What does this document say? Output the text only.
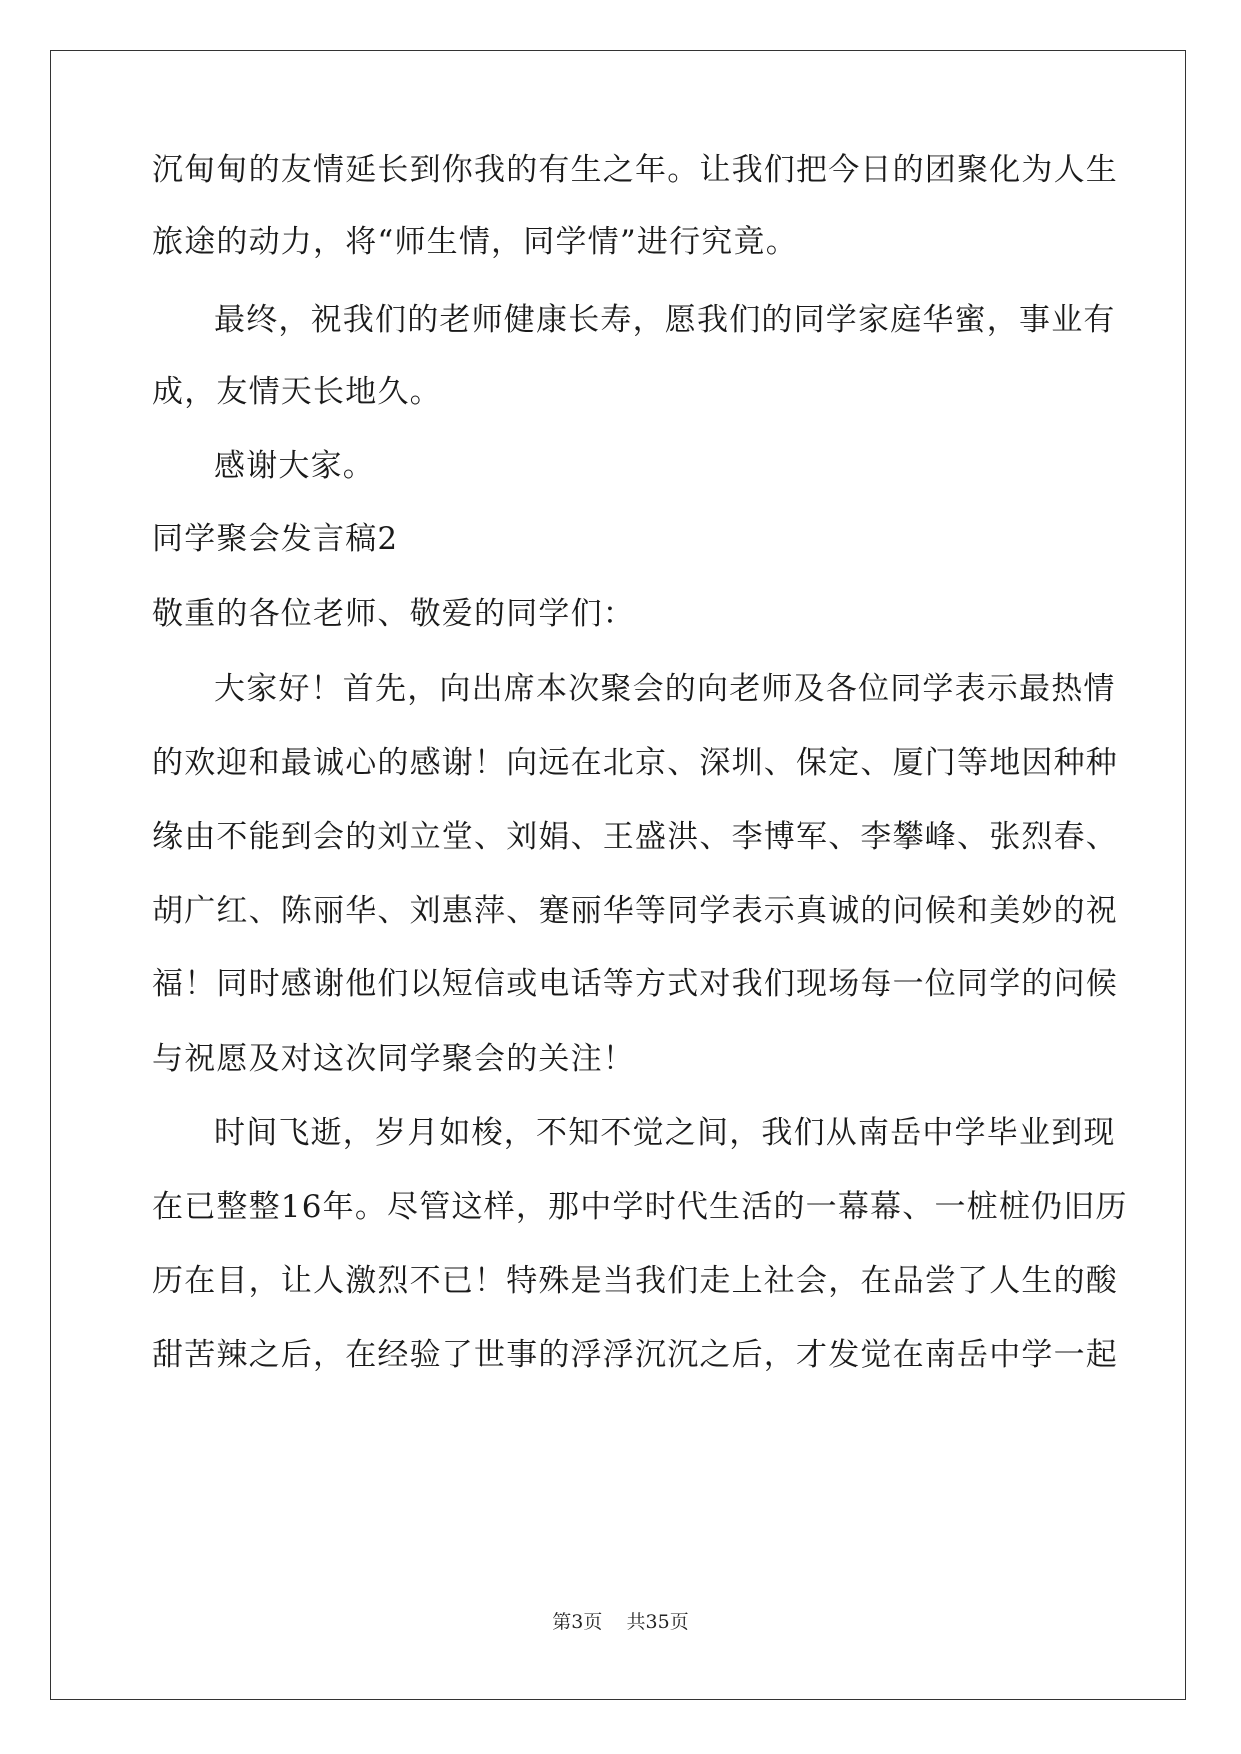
沉甸甸的友情延长到你我的有生之年。让我们把今日的团聚化为人生
旅途的动力，将“师生情，同学情”进行究竟。
最终，祝我们的老师健康长寿，愿我们的同学家庭华蜜，事业有
成，友情天长地久。
感谢大家。
同学聚会发言稿2
敬重的各位老师、敬爱的同学们：
大家好！首先，向出席本次聚会的向老师及各位同学表示最热情
的欢迎和最诚心的感谢！向远在北京、深圳、保定、厦门等地因种种
缘由不能到会的刘立堂、刘娟、王盛洪、李博军、李攀峰、张烈春、
胡广红、陈丽华、刘惠萍、蹇丽华等同学表示真诚的问候和美妙的祝
福！同时感谢他们以短信或电话等方式对我们现场每一位同学的问候
与祝愿及对这次同学聚会的关注！
时间飞逝，岁月如梭，不知不觉之间，我们从南岳中学毕业到现
在已整整16年。尽管这样，那中学时代生活的一幕幕、一桩桩仍旧历
历在目，让人激烈不已！特殊是当我们走上社会，在品尝了人生的酸
甜苦辣之后，在经验了世事的浮浮沉沉之后，才发觉在南岳中学一起
第3页 共35页
